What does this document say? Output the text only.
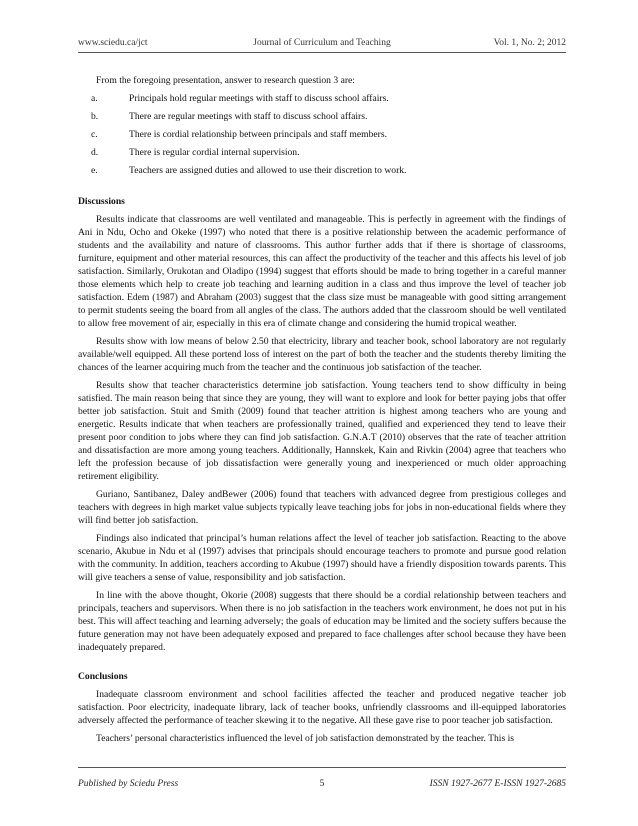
www.sciedu.ca/jct	Journal of Curriculum and Teaching	Vol. 1, No. 2; 2012

From the foregoing presentation, answer to research question 3 are:

a.	Principals hold regular meetings with staff to discuss school affairs.
b.	There are regular meetings with staff to discuss school affairs.
c.	There is cordial relationship between principals and staff members.
d.	There is regular cordial internal supervision.
e.	Teachers are assigned duties and allowed to use their discretion to work.
Discussions

Results indicate that classrooms are well ventilated and manageable. This is perfectly in agreement with the findings of Ani in Ndu, Ocho and Okeke (1997) who noted that there is a positive relationship between the academic performance of students and the availability and nature of classrooms. This author further adds that if there is shortage of classrooms, furniture, equipment and other material resources, this can affect the productivity of the teacher and this affects his level of job satisfaction. Similarly, Orukotan and Oladipo (1994) suggest that efforts should be made to bring together in a careful manner those elements which help to create job teaching and learning audition in a class and thus improve the level of teacher job satisfaction. Edem (1987) and Abraham (2003) suggest that the class size must be manageable with good sitting arrangement to permit students seeing the board from all angles of the class. The authors added that the classroom should be well ventilated to allow free movement of air, especially in this era of climate change and considering the humid tropical weather.

Results show with low means of below 2.50 that electricity, library and teacher book, school laboratory are not regularly available/well equipped. All these portend loss of interest on the part of both the teacher and the students thereby limiting the chances of the learner acquiring much from the teacher and the continuous job satisfaction of the teacher.

Results show that teacher characteristics determine job satisfaction. Young teachers tend to show difficulty in being satisfied. The main reason being that since they are young, they will want to explore and look for better paying jobs that offer better job satisfaction. Stuit and Smith (2009) found that teacher attrition is highest among teachers who are young and energetic. Results indicate that when teachers are professionally trained, qualified and experienced they tend to leave their present poor condition to jobs where they can find job satisfaction. G.N.A.T (2010) observes that the rate of teacher attrition and dissatisfaction are more among young teachers. Additionally, Hannskek, Kain and Rivkin (2004) agree that teachers who left the profession because of job dissatisfaction were generally young and inexperienced or much older approaching retirement eligibility.

Guriano, Santibanez, Daley andBewer (2006) found that teachers with advanced degree from prestigious colleges and teachers with degrees in high market value subjects typically leave teaching jobs for jobs in non-educational fields where they will find better job satisfaction.

Findings also indicated that principal’s human relations affect the level of teacher job satisfaction. Reacting to the above scenario, Akubue in Ndu et al (1997) advises that principals should encourage teachers to promote and pursue good relation with the community. In addition, teachers according to Akubue (1997) should have a friendly disposition towards parents. This will give teachers a sense of value, responsibility and job satisfaction.

In line with the above thought, Okorie (2008) suggests that there should be a cordial relationship between teachers and principals, teachers and supervisors. When there is no job satisfaction in the teachers work environment, he does not put in his best. This will affect teaching and learning adversely; the goals of education may be limited and the society suffers because the future generation may not have been adequately exposed and prepared to face challenges after school because they have been inadequately prepared.

Conclusions

Inadequate classroom environment and school facilities affected the teacher and produced negative teacher job satisfaction. Poor electricity, inadequate library, lack of teacher books, unfriendly classrooms and ill-equipped laboratories adversely affected the performance of teacher skewing it to the negative. All these gave rise to poor teacher job satisfaction.

Teachers’ personal characteristics influenced the level of job satisfaction demonstrated by the teacher. This is

Published by Sciedu Press	5	ISSN 1927-2677 E-ISSN 1927-2685
